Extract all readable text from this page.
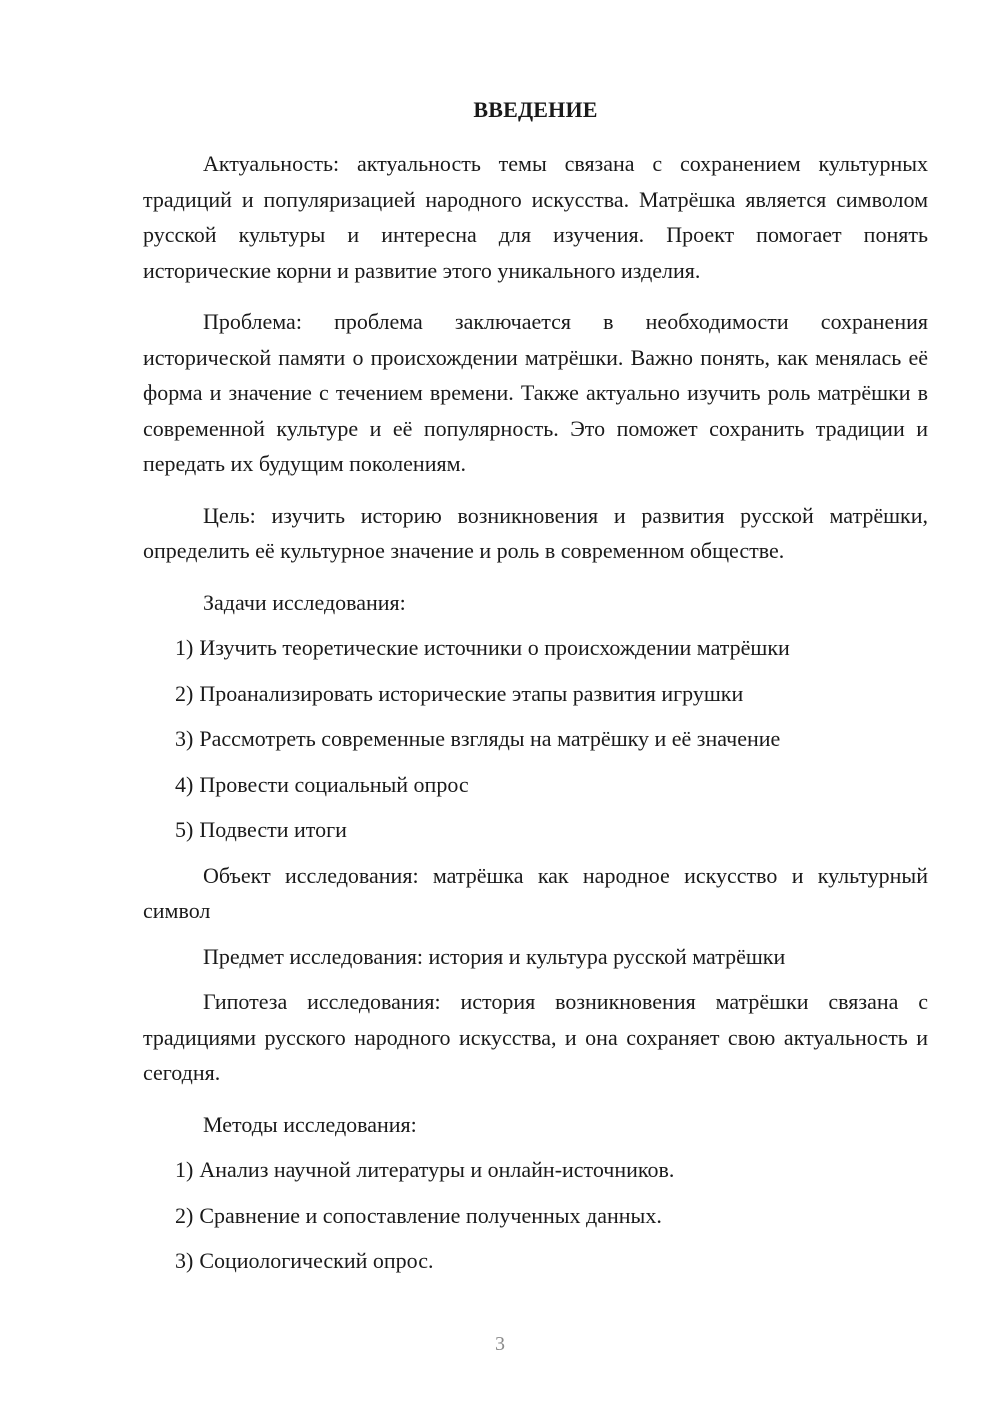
ВВЕДЕНИЕ

Актуальность: актуальность темы связана с сохранением культурных традиций и популяризацией народного искусства. Матрёшка является символом русской культуры и интересна для изучения. Проект помогает понять исторические корни и развитие этого уникального изделия.

Проблема: проблема заключается в необходимости сохранения исторической памяти о происхождении матрёшки. Важно понять, как менялась её форма и значение с течением времени. Также актуально изучить роль матрёшки в современной культуре и её популярность. Это поможет сохранить традиции и передать их будущим поколениям.

Цель: изучить историю возникновения и развития русской матрёшки, определить её культурное значение и роль в современном обществе.

Задачи исследования:

1) Изучить теоретические источники о происхождении матрёшки
2) Проанализировать исторические этапы развития игрушки
3) Рассмотреть современные взгляды на матрёшку и её значение
4) Провести социальный опрос
5) Подвести итоги

Объект исследования: матрёшка как народное искусство и культурный символ

Предмет исследования: история и культура русской матрёшки

Гипотеза исследования: история возникновения матрёшки связана с традициями русского народного искусства, и она сохраняет свою актуальность и сегодня.

Методы исследования:

1) Анализ научной литературы и онлайн-источников.
2) Сравнение и сопоставление полученных данных.
3) Социологический опрос.
3
